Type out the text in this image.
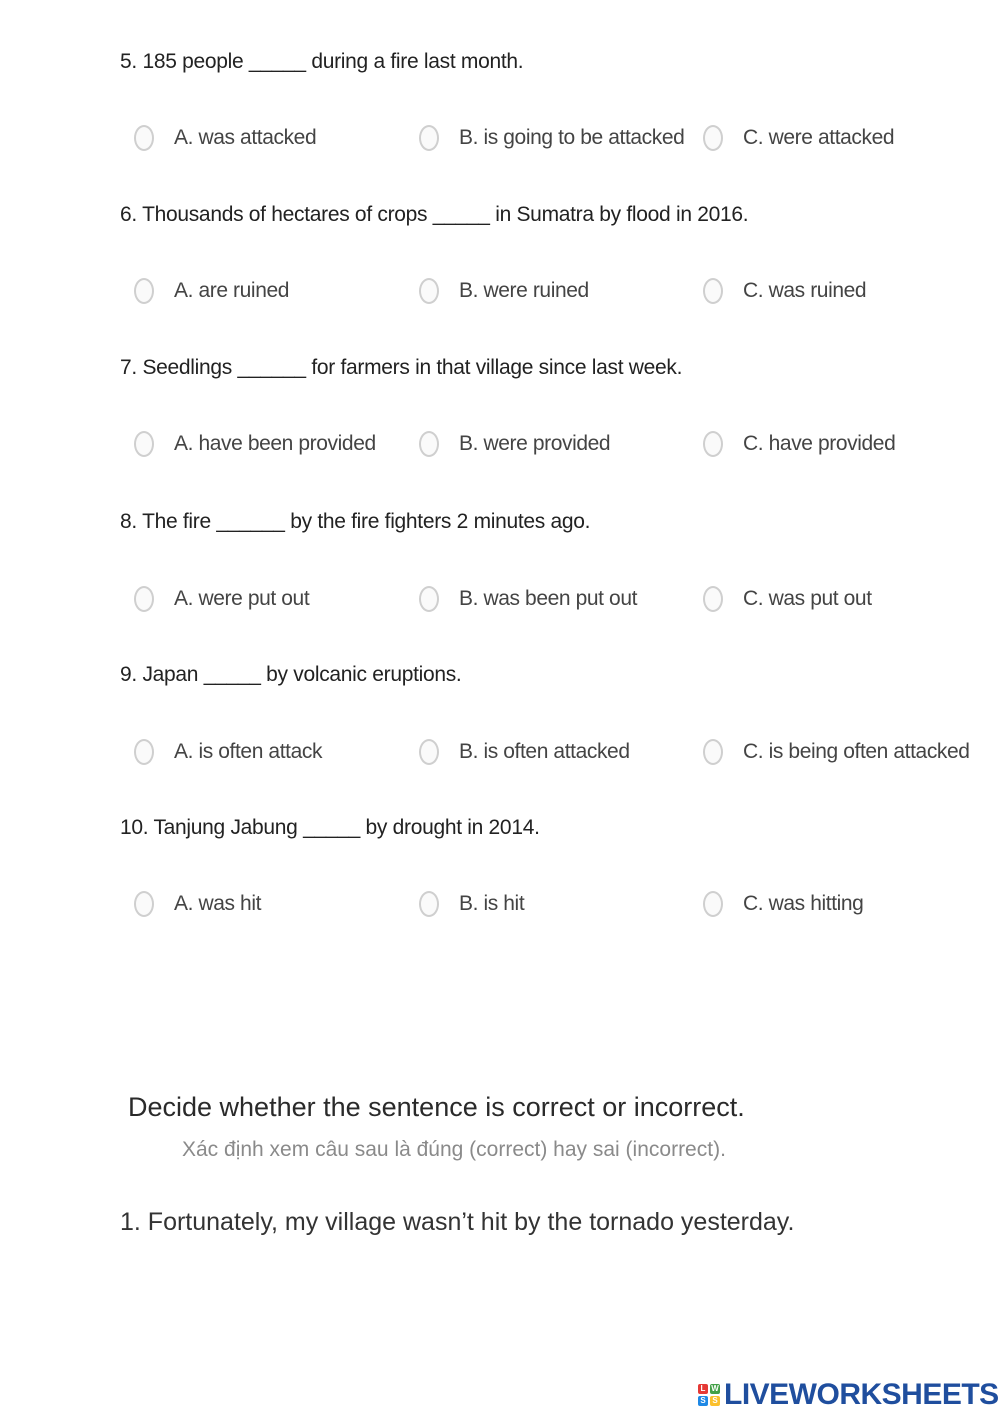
5. 185 people _____ during a fire last month.
A. was attacked	B. is going to be attacked	C. were attacked
6. Thousands of hectares of crops _____ in Sumatra by flood in 2016.
A. are ruined	B. were ruined	C. was ruined
7. Seedlings ______ for farmers in that village since last week.
A. have been provided	B. were provided	C. have provided
8. The fire ______ by the fire fighters 2 minutes ago.
A. were put out	B. was been put out	C. was put out
9. Japan _____ by volcanic eruptions.
A. is often attack	B. is often attacked	C. is being often attacked
10. Tanjung Jabung _____ by drought in 2014.
A. was hit	B. is hit	C. was hitting
Decide whether the sentence is correct or incorrect.
Xác định xem câu sau là đúng (correct) hay sai (incorrect).
1. Fortunately, my village wasn’t hit by the tornado yesterday.
L W
S S LIVEWORKSHEETS
